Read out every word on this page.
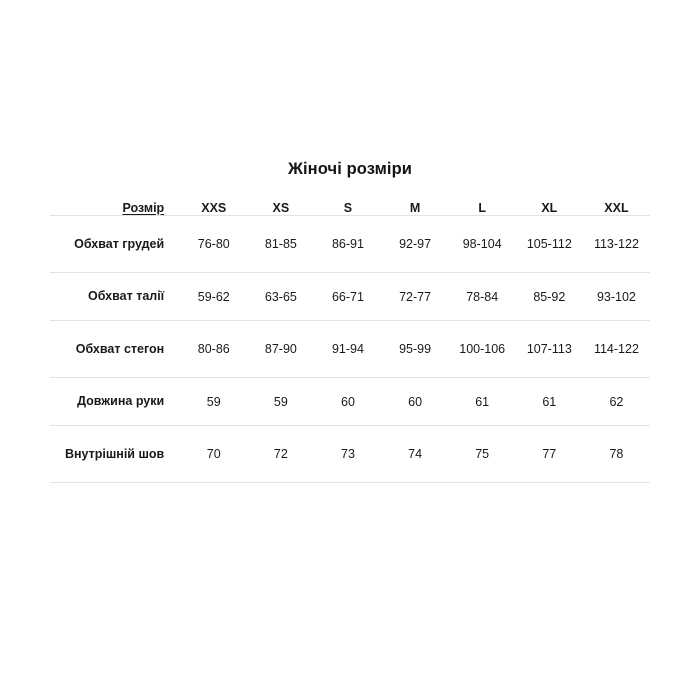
Жіночі розміри
Розмір	XXS	XS	S	M	L	XL	XXL
Обхват грудей	76-80	81-85	86-91	92-97	98-104	105-112	113-122
Обхват талії	59-62	63-65	66-71	72-77	78-84	85-92	93-102
Обхват стегон	80-86	87-90	91-94	95-99	100-106	107-113	114-122
Довжина руки	59	59	60	60	61	61	62
Внутрішній шов	70	72	73	74	75	77	78
